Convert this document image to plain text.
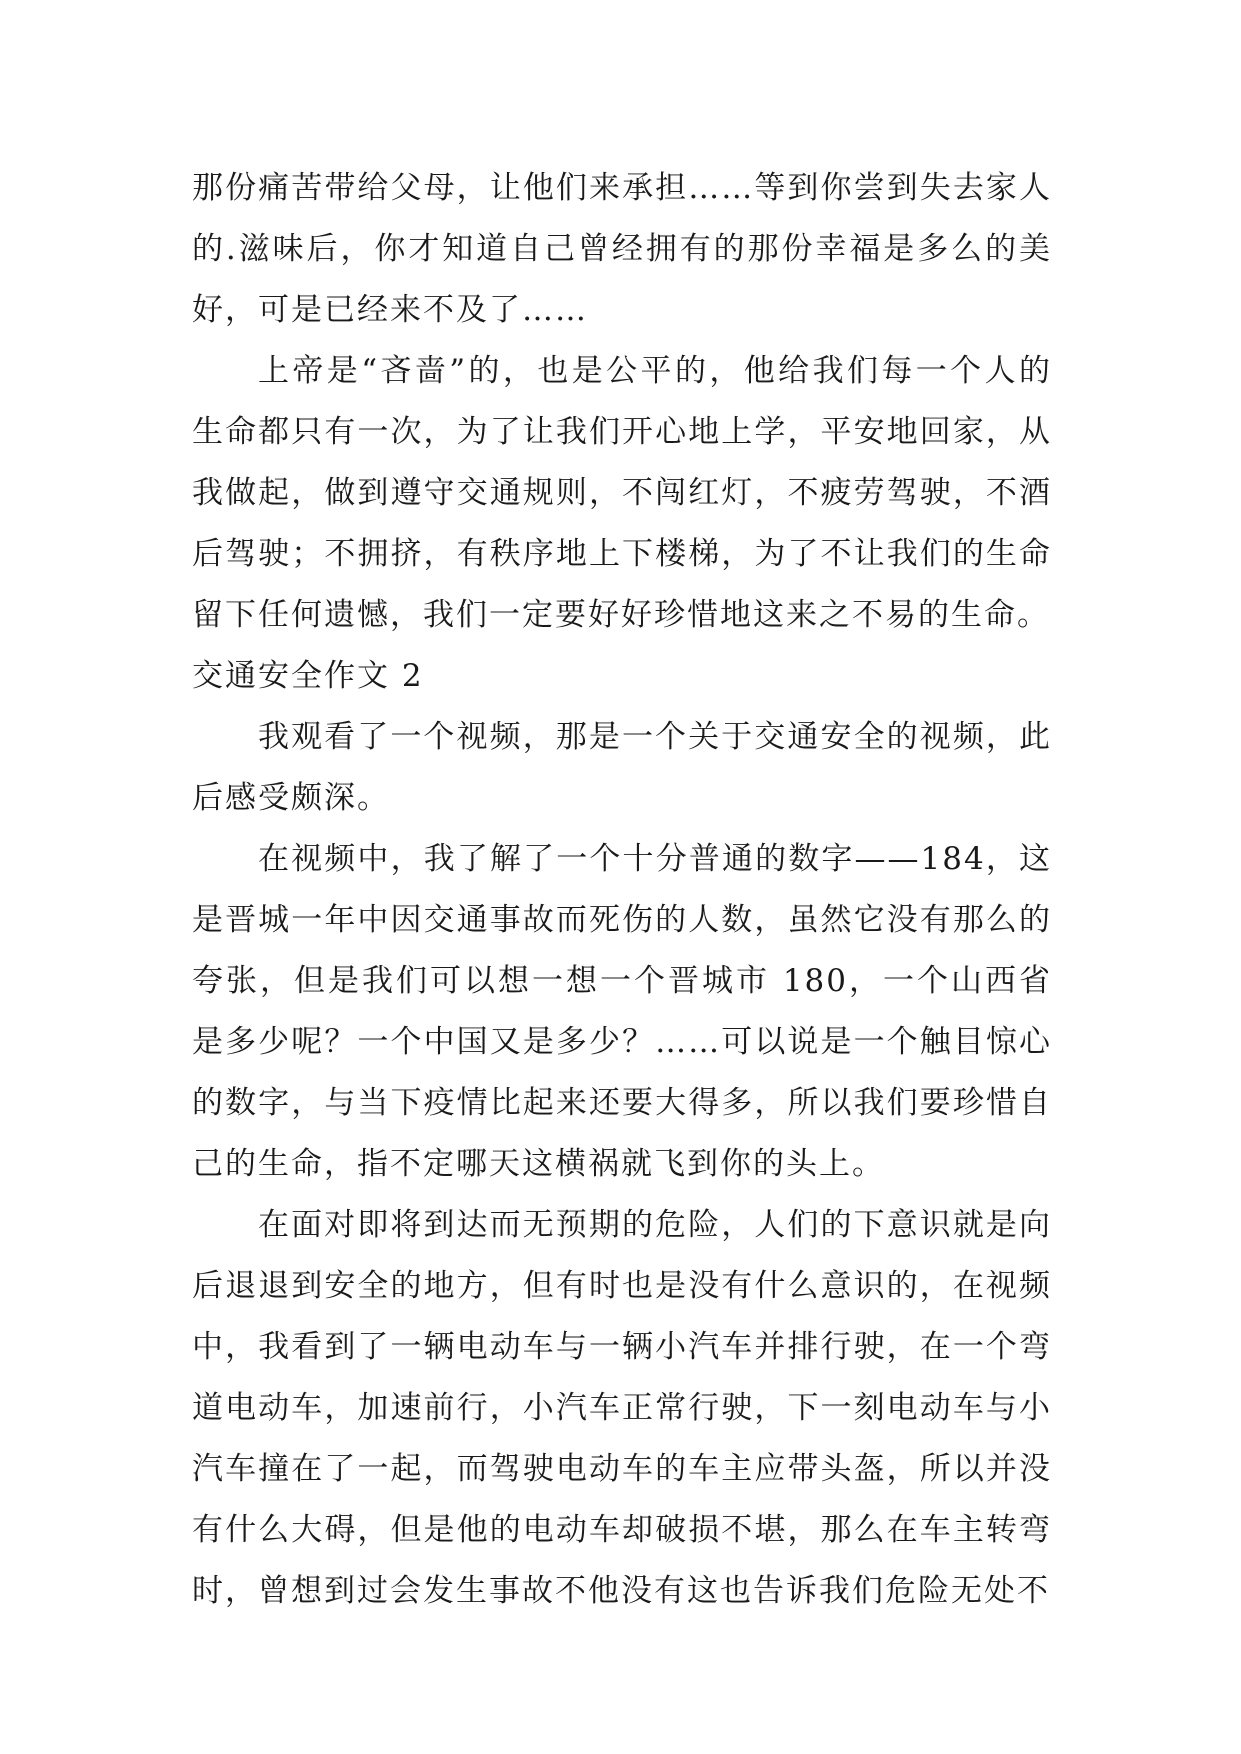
那份痛苦带给父母，让他们来承担……等到你尝到失去家人的.滋味后，你才知道自己曾经拥有的那份幸福是多么的美好，可是已经来不及了……

上帝是“吝啬”的，也是公平的，他给我们每一个人的生命都只有一次，为了让我们开心地上学，平安地回家，从我做起，做到遵守交通规则，不闯红灯，不疲劳驾驶，不酒后驾驶；不拥挤，有秩序地上下楼梯，为了不让我们的生命留下任何遗憾，我们一定要好好珍惜地这来之不易的生命。

交通安全作文 2

我观看了一个视频，那是一个关于交通安全的视频，此后感受颇深。

在视频中，我了解了一个十分普通的数字——184，这是晋城一年中因交通事故而死伤的人数，虽然它没有那么的夸张，但是我们可以想一想一个晋城市 180，一个山西省是多少呢？一个中国又是多少？……可以说是一个触目惊心的数字，与当下疫情比起来还要大得多，所以我们要珍惜自己的生命，指不定哪天这横祸就飞到你的头上。

在面对即将到达而无预期的危险，人们的下意识就是向后退退到安全的地方，但有时也是没有什么意识的，在视频中，我看到了一辆电动车与一辆小汽车并排行驶，在一个弯道电动车，加速前行，小汽车正常行驶，下一刻电动车与小汽车撞在了一起，而驾驶电动车的车主应带头盔，所以并没有什么大碍，但是他的电动车却破损不堪，那么在车主转弯时，曾想到过会发生事故不他没有这也告诉我们危险无处不
